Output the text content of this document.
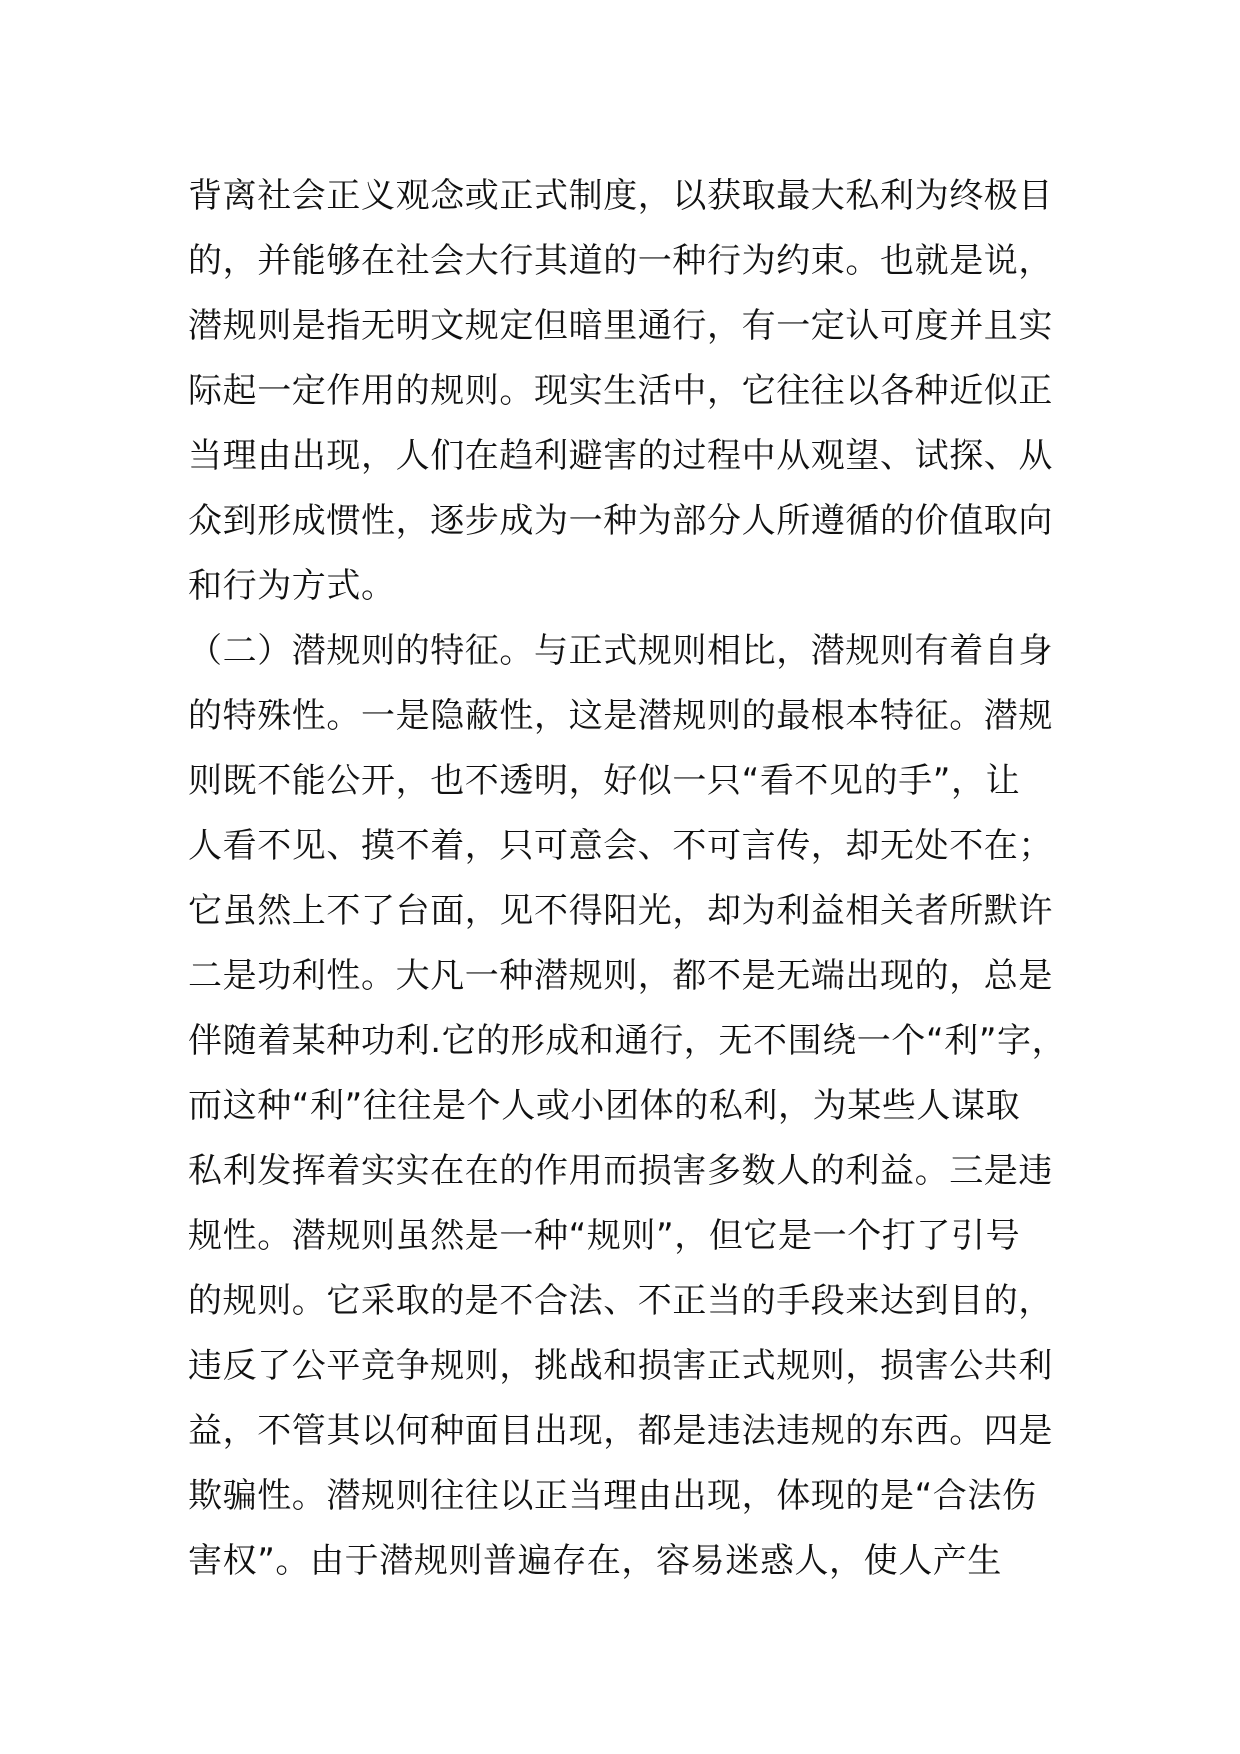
背离社会正义观念或正式制度，以获取最大私利为终极目
的，并能够在社会大行其道的一种行为约束。也就是说，
潜规则是指无明文规定但暗里通行，有一定认可度并且实
际起一定作用的规则。现实生活中，它往往以各种近似正
当理由出现，人们在趋利避害的过程中从观望、试探、从
众到形成惯性，逐步成为一种为部分人所遵循的价值取向
和行为方式。
（二）潜规则的特征。与正式规则相比，潜规则有着自身
的特殊性。一是隐蔽性，这是潜规则的最根本特征。潜规
则既不能公开，也不透明，好似一只“看不见的手”，让
人看不见、摸不着，只可意会、不可言传，却无处不在；
它虽然上不了台面，见不得阳光，却为利益相关者所默许
二是功利性。大凡一种潜规则，都不是无端出现的，总是
伴随着某种功利.它的形成和通行，无不围绕一个“利”字，
而这种“利”往往是个人或小团体的私利，为某些人谋取
私利发挥着实实在在的作用而损害多数人的利益。三是违
规性。潜规则虽然是一种“规则”，但它是一个打了引号
的规则。它采取的是不合法、不正当的手段来达到目的，
违反了公平竞争规则，挑战和损害正式规则，损害公共利
益，不管其以何种面目出现，都是违法违规的东西。四是
欺骗性。潜规则往往以正当理由出现，体现的是“合法伤
害权”。由于潜规则普遍存在，容易迷惑人，使人产生
